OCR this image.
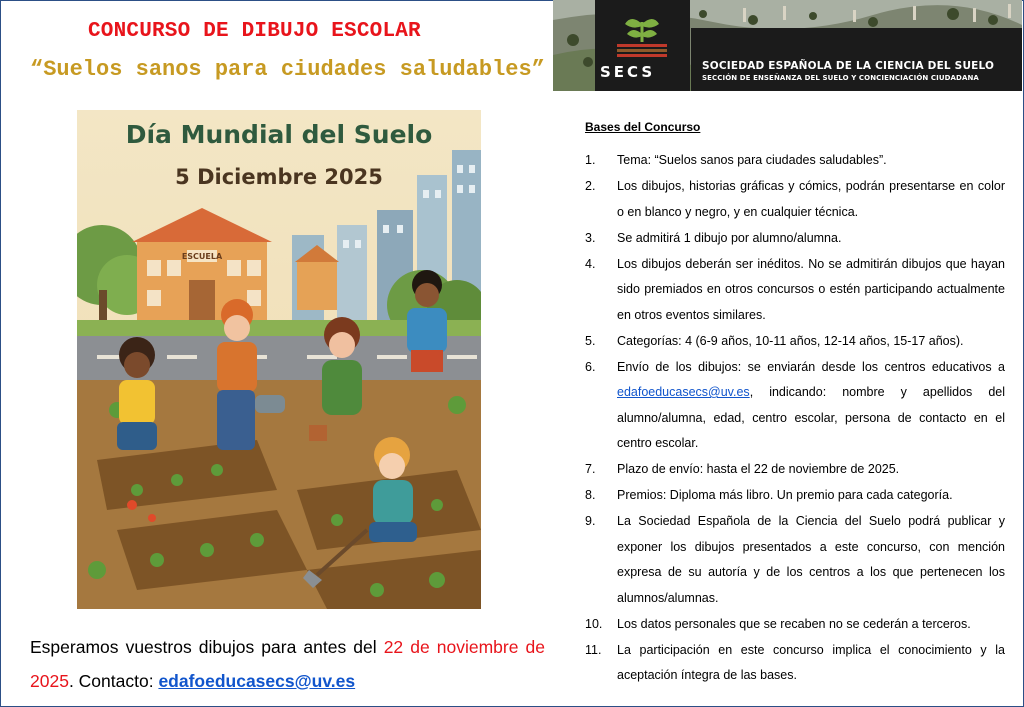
CONCURSO DE DIBUJO ESCOLAR
“Suelos sanos para ciudades saludables”	SECS	SOCIEDAD ESPAÑOLA DE LA CIENCIA DEL SUELO
SECCIÓN DE ENSEÑANZA DEL SUELO Y CONCIENCIACIÓN CIUDADANA
ESCUELA
Día Mundial del Suelo
5 Diciembre 2025
Bases del Concurso
1. Tema: “Suelos sanos para ciudades saludables”.
2. Los dibujos, historias gráficas y cómics, podrán presentarse en color o en blanco y negro, y en cualquier técnica.
3. Se admitirá 1 dibujo por alumno/alumna.
4. Los dibujos deberán ser inéditos. No se admitirán dibujos que hayan sido premiados en otros concursos o estén participando actualmente en otros eventos similares.
5. Categorías: 4 (6-9 años, 10-11 años, 12-14 años, 15-17 años).
6. Envío de los dibujos: se enviarán desde los centros educativos a edafoeducasecs@uv.es, indicando: nombre y apellidos del alumno/alumna, edad, centro escolar, persona de contacto en el centro escolar.
7. Plazo de envío: hasta el 22 de noviembre de 2025.
8. Premios: Diploma más libro. Un premio para cada categoría.
9. La Sociedad Española de la Ciencia del Suelo podrá publicar y exponer los dibujos presentados a este concurso, con mención expresa de su autoría y de los centros a los que pertenecen los alumnos/alumnas.
10. Los datos personales que se recaben no se cederán a terceros.
11. La participación en este concurso implica el conocimiento y la aceptación íntegra de las bases.
Esperamos vuestros dibujos para antes del 22 de noviembre de 2025. Contacto: edafoeducasecs@uv.es
